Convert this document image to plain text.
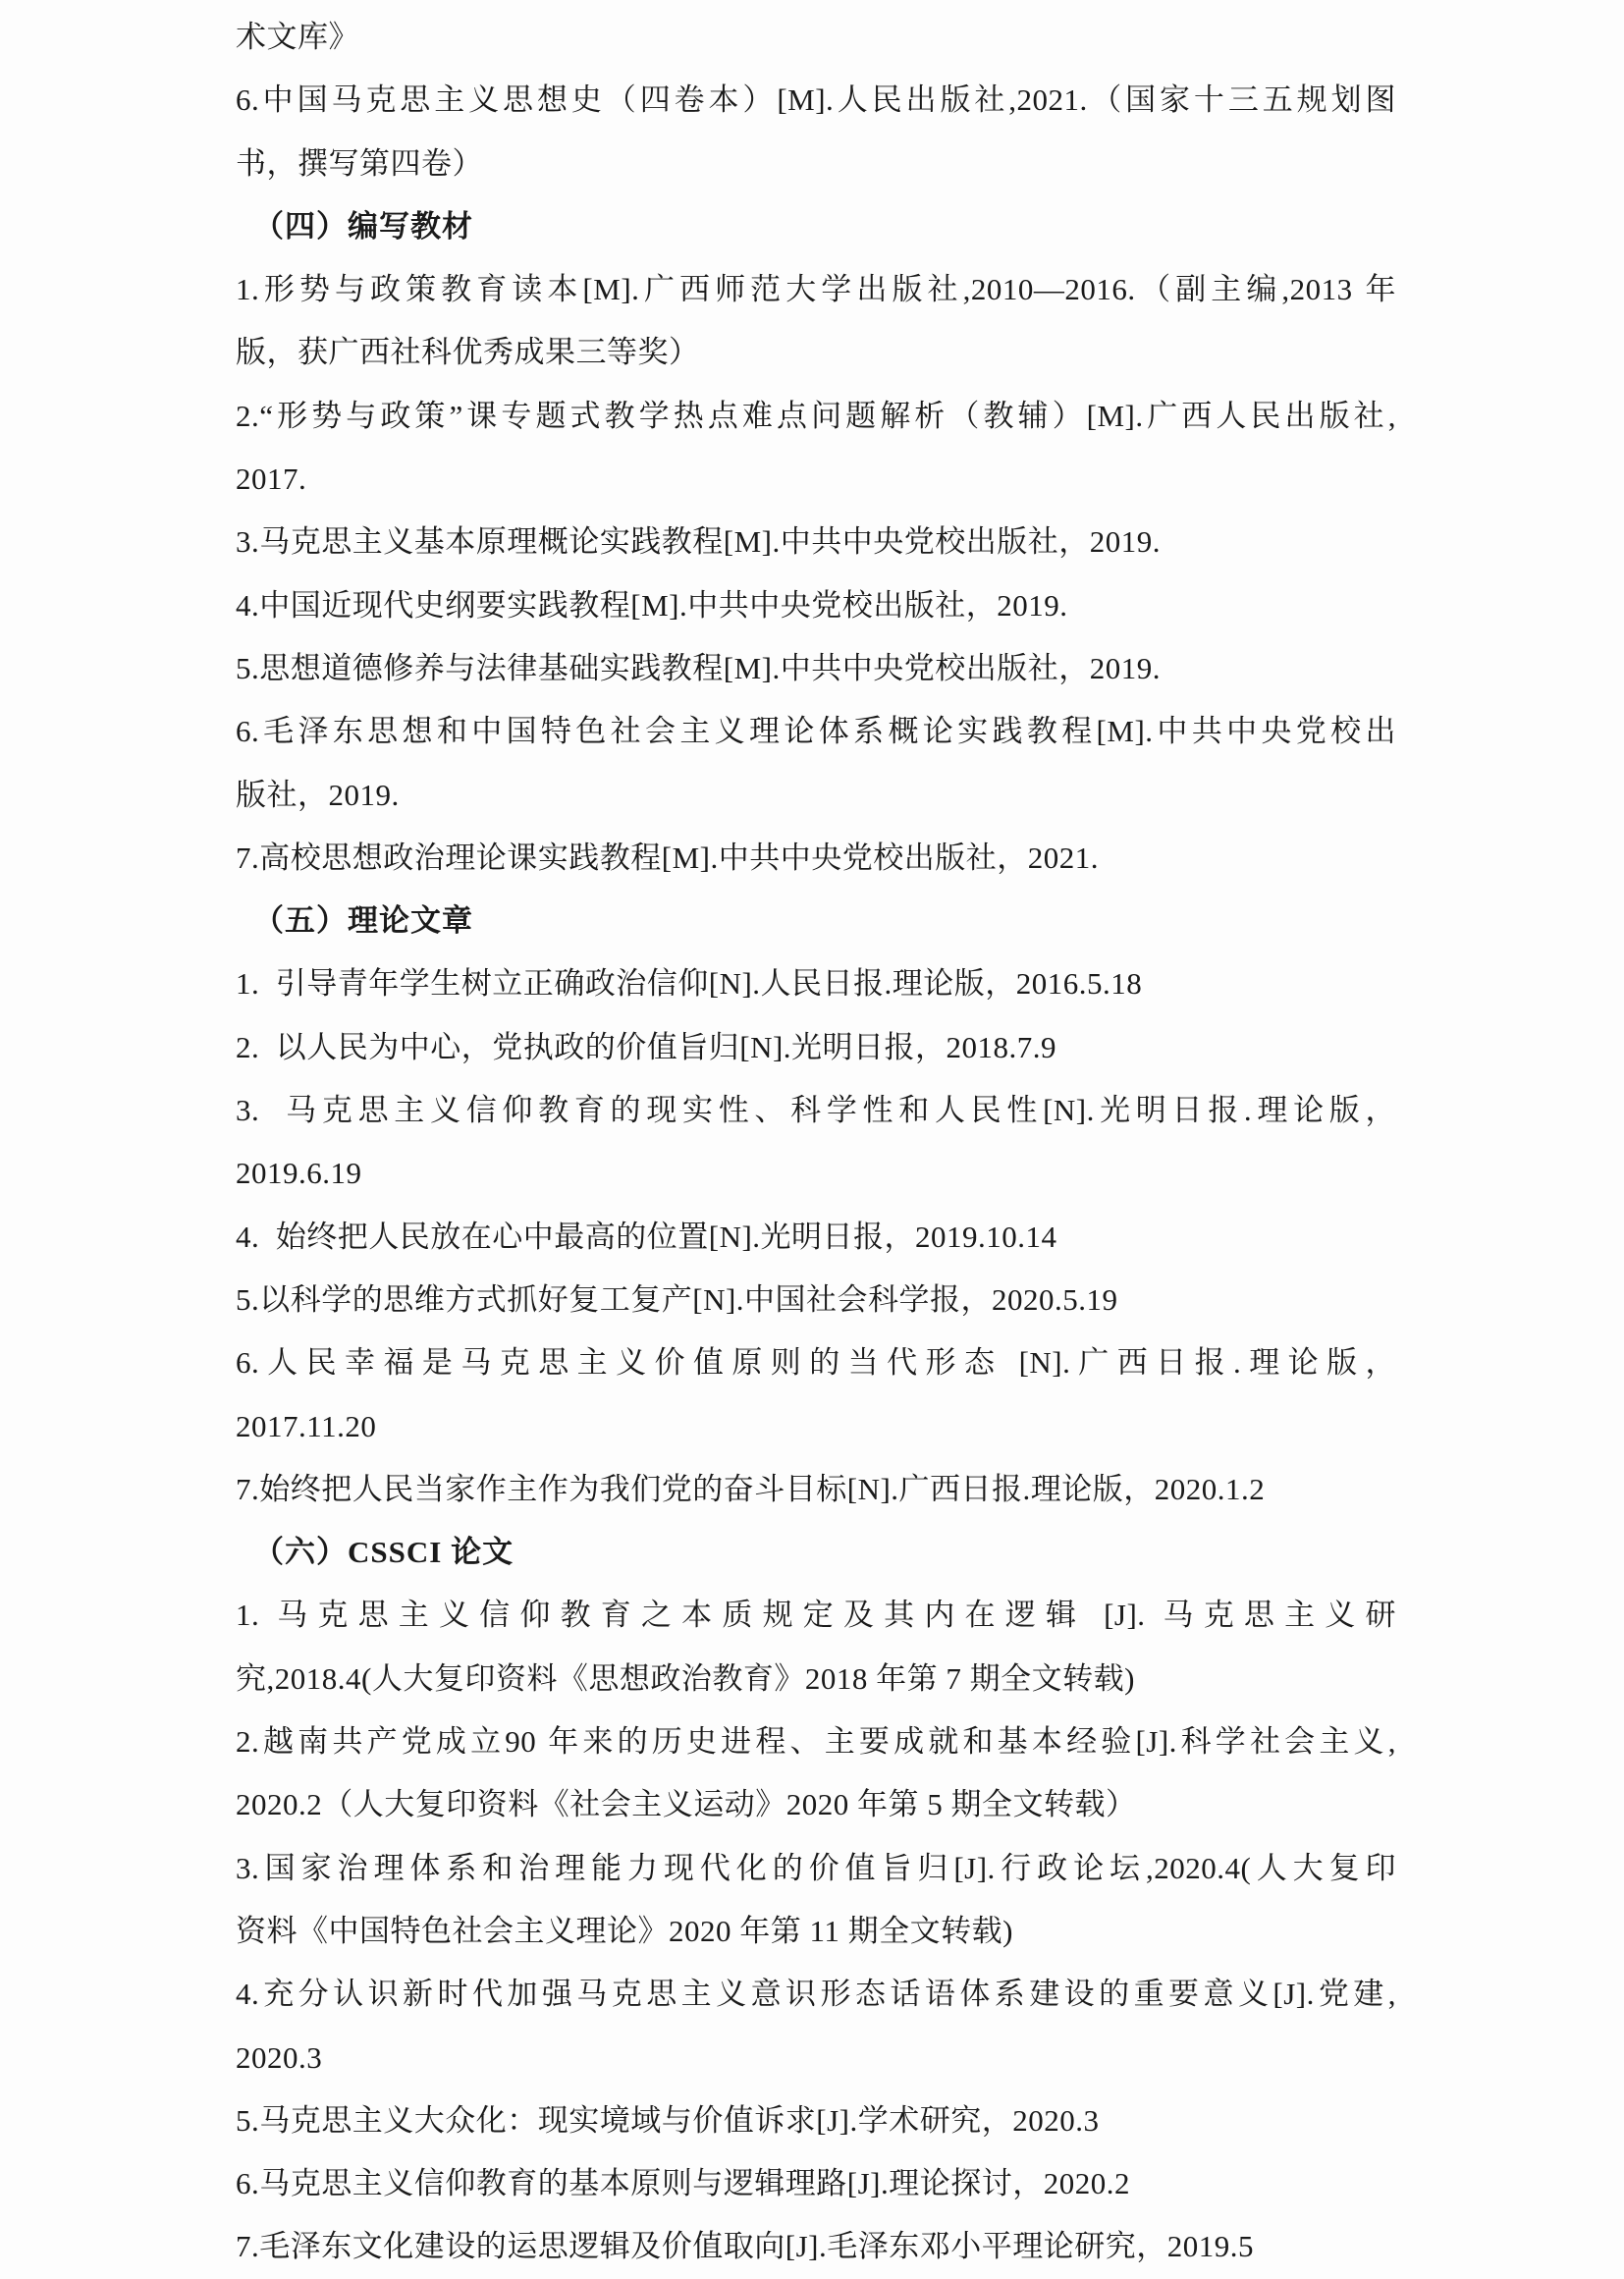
术文库》
6.中国马克思主义思想史（四卷本）[M].人民出版社,2021.（国家十三五规划图
书，撰写第四卷）
（四）编写教材
1.形势与政策教育读本[M].广西师范大学出版社,2010—2016.（副主编,2013 年
版，获广西社科优秀成果三等奖）
2.“形势与政策”课专题式教学热点难点问题解析（教辅）[M].广西人民出版社,
2017.
3.马克思主义基本原理概论实践教程[M].中共中央党校出版社，2019.
4.中国近现代史纲要实践教程[M].中共中央党校出版社，2019.
5.思想道德修养与法律基础实践教程[M].中共中央党校出版社，2019.
6.毛泽东思想和中国特色社会主义理论体系概论实践教程[M].中共中央党校出
版社，2019.
7.高校思想政治理论课实践教程[M].中共中央党校出版社，2021.
（五）理论文章
1.  引导青年学生树立正确政治信仰[N].人民日报.理论版，2016.5.18
2.  以人民为中心，党执政的价值旨归[N].光明日报，2018.7.9
3.  马克思主义信仰教育的现实性、科学性和人民性[N].光明日报.理论版，
2019.6.19
4.  始终把人民放在心中最高的位置[N].光明日报，2019.10.14
5.以科学的思维方式抓好复工复产[N].中国社会科学报，2020.5.19
6.人民幸福是马克思主义价值原则的当代形态 [N].广西日报.理论版，
2017.11.20
7.始终把人民当家作主作为我们党的奋斗目标[N].广西日报.理论版，2020.1.2
（六）CSSCI 论文
1. 马克思主义信仰教育之本质规定及其内在逻辑 [J]. 马克思主义研
究,2018.4(人大复印资料《思想政治教育》2018 年第 7 期全文转载)
2.越南共产党成立90 年来的历史进程、主要成就和基本经验[J].科学社会主义,
2020.2（人大复印资料《社会主义运动》2020 年第 5 期全文转载）
3.国家治理体系和治理能力现代化的价值旨归[J].行政论坛,2020.4(人大复印
资料《中国特色社会主义理论》2020 年第 11 期全文转载)
4.充分认识新时代加强马克思主义意识形态话语体系建设的重要意义[J].党建,
2020.3
5.马克思主义大众化：现实境域与价值诉求[J].学术研究，2020.3
6.马克思主义信仰教育的基本原则与逻辑理路[J].理论探讨，2020.2
7.毛泽东文化建设的运思逻辑及价值取向[J].毛泽东邓小平理论研究，2019.5
